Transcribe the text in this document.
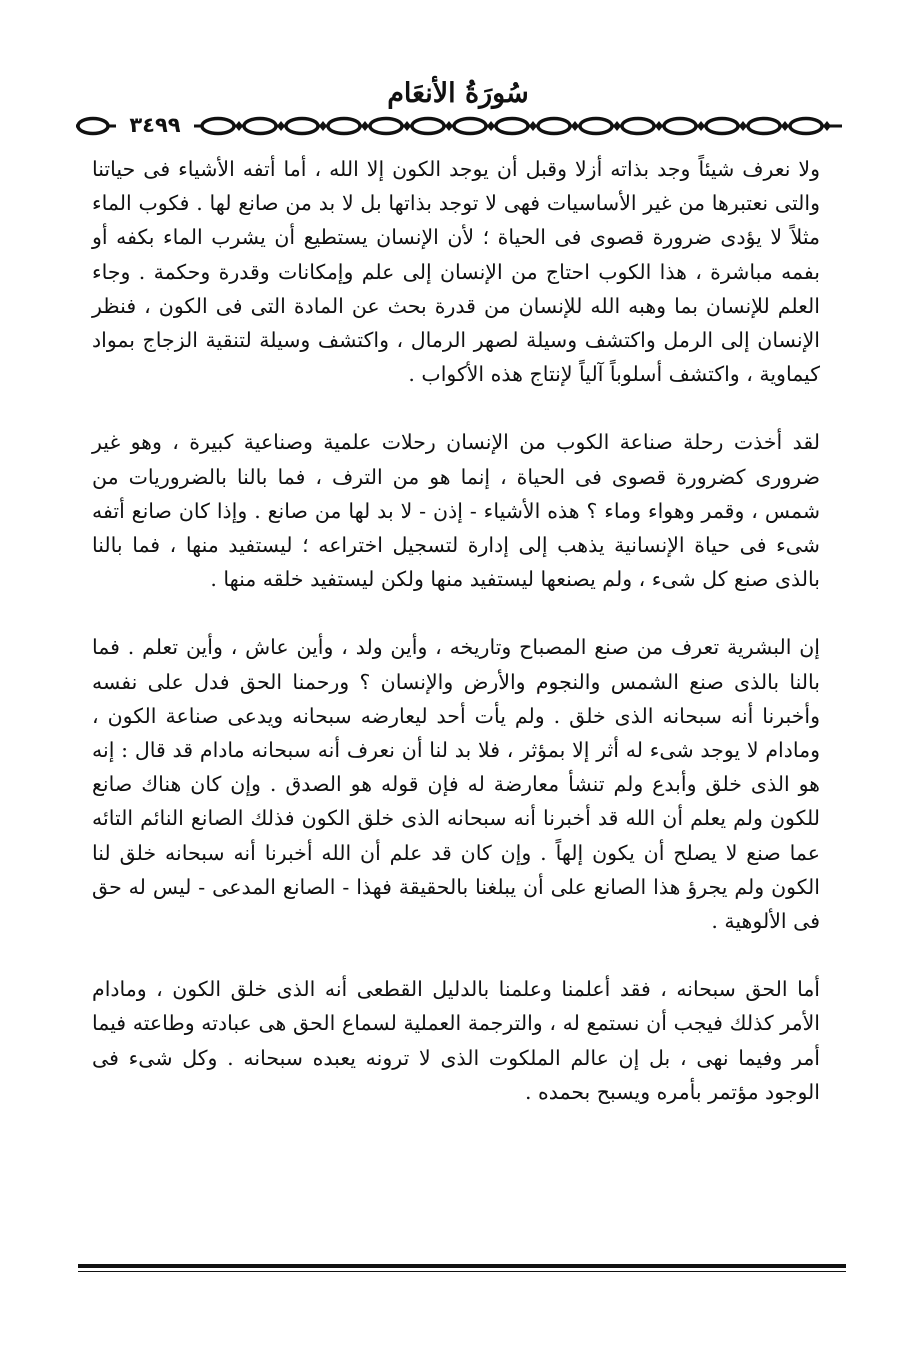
سُورَةُ الأنعَام
٣٤٩٩

ولا نعرف شيئاً وجد بذاته أزلا وقبل أن يوجد الكون إلا الله ، أما أتفه الأشياء فى حياتنا والتى نعتبرها من غير الأساسيات فهى لا توجد بذاتها بل لا بد من صانع لها . فكوب الماء مثلاً لا يؤدى ضرورة قصوى فى الحياة ؛ لأن الإنسان يستطيع أن يشرب الماء بكفه أو بفمه مباشرة ، هذا الكوب احتاج من الإنسان إلى علم وإمكانات وقدرة وحكمة . وجاء العلم للإنسان بما وهبه الله للإنسان من قدرة بحث عن المادة التى فى الكون ، فنظر الإنسان إلى الرمل واكتشف وسيلة لصهر الرمال ، واكتشف وسيلة لتنقية الزجاج بمواد كيماوية ، واكتشف أسلوباً آلياً لإنتاج هذه الأكواب .

لقد أخذت رحلة صناعة الكوب من الإنسان رحلات علمية وصناعية كبيرة ، وهو غير ضرورى كضرورة قصوى فى الحياة ، إنما هو من الترف ، فما بالنا بالضروريات من شمس ، وقمر وهواء وماء ؟ هذه الأشياء - إذن - لا بد لها من صانع . وإذا كان صانع أتفه شىء فى حياة الإنسانية يذهب إلى إدارة لتسجيل اختراعه ؛ ليستفيد منها ، فما بالنا بالذى صنع كل شىء ، ولم يصنعها ليستفيد منها ولكن ليستفيد خلقه منها .

إن البشرية تعرف من صنع المصباح وتاريخه ، وأين ولد ، وأين عاش ، وأين تعلم . فما بالنا بالذى صنع الشمس والنجوم والأرض والإنسان ؟ ورحمنا الحق فدل على نفسه وأخبرنا أنه سبحانه الذى خلق . ولم يأت أحد ليعارضه سبحانه ويدعى صناعة الكون ، ومادام لا يوجد شىء له أثر إلا بمؤثر ، فلا بد لنا أن نعرف أنه سبحانه مادام قد قال : إنه هو الذى خلق وأبدع ولم تنشأ معارضة له فإن قوله هو الصدق . وإن كان هناك صانع للكون ولم يعلم أن الله قد أخبرنا أنه سبحانه الذى خلق الكون فذلك الصانع النائم التائه عما صنع لا يصلح أن يكون إلهاً . وإن كان قد علم أن الله أخبرنا أنه سبحانه خلق لنا الكون ولم يجرؤ هذا الصانع على أن يبلغنا بالحقيقة فهذا - الصانع المدعى - ليس له حق فى الألوهية .

أما الحق سبحانه ، فقد أعلمنا وعلمنا بالدليل القطعى أنه الذى خلق الكون ، ومادام الأمر كذلك فيجب أن نستمع له ، والترجمة العملية لسماع الحق هى عبادته وطاعته فيما أمر وفيما نهى ، بل إن عالم الملكوت الذى لا ترونه يعبده سبحانه . وكل شىء فى الوجود مؤتمر بأمره ويسبح بحمده .
